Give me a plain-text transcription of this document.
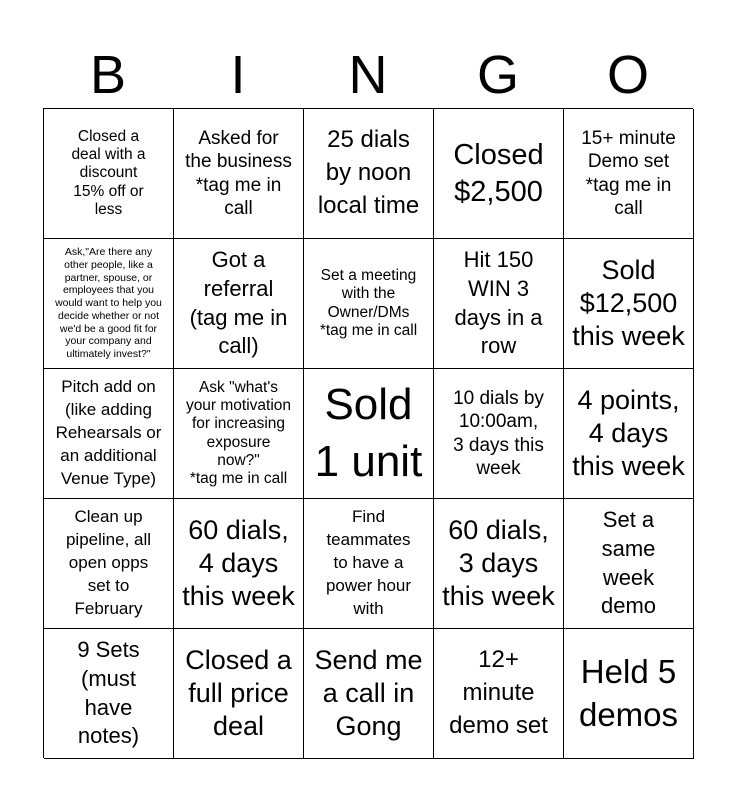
B	I	N	G	O
Closed a
deal with a
discount
15% off or
less
Asked for
the business
*tag me in
call
25 dials
by noon
local time
Closed
$2,500
15+ minute
Demo set
*tag me in
call
Ask,"Are there any
other people, like a
partner, spouse, or
employees that you
would want to help you
decide whether or not
we'd be a good fit for
your company and
ultimately invest?"
Got a
referral
(tag me in
call)
Set a meeting
with the
Owner/DMs
*tag me in call
Hit 150
WIN 3
days in a
row
Sold
$12,500
this week
Pitch add on
(like adding
Rehearsals or
an additional
Venue Type)
Ask "what's
your motivation
for increasing
exposure
now?"
*tag me in call
Sold
1 unit
10 dials by
10:00am,
3 days this
week
4 points,
4 days
this week
Clean up
pipeline, all
open opps
set to
February
60 dials,
4 days
this week
Find
teammates
to have a
power hour
with
60 dials,
3 days
this week
Set a
same
week
demo
9 Sets
(must
have
notes)
Closed a
full price
deal
Send me
a call in
Gong
12+
minute
demo set
Held 5
demos
